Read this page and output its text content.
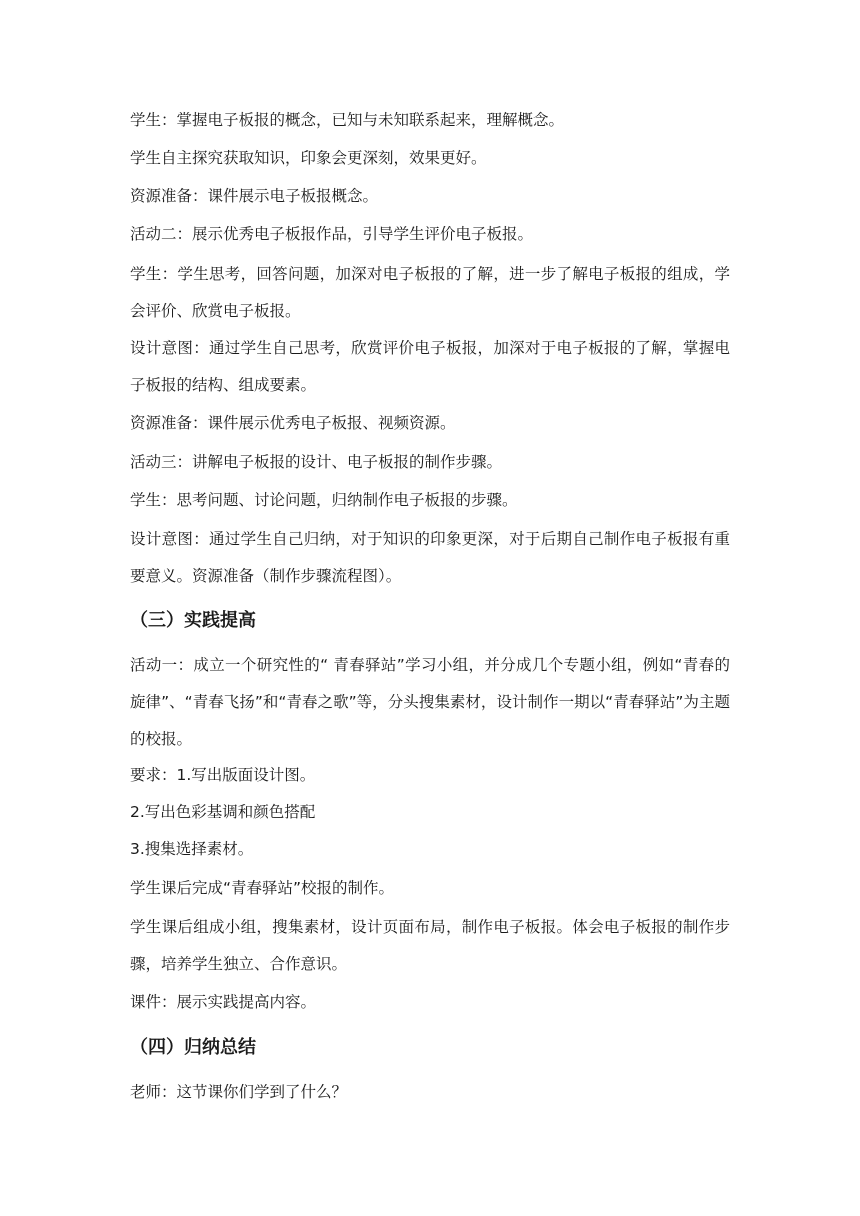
学生：掌握电子板报的概念，已知与未知联系起来，理解概念。

学生自主探究获取知识，印象会更深刻，效果更好。

资源准备：课件展示电子板报概念。

活动二：展示优秀电子板报作品，引导学生评价电子板报。

学生：学生思考，回答问题，加深对电子板报的了解，进一步了解电子板报的组成，学会评价、欣赏电子板报。

设计意图：通过学生自己思考，欣赏评价电子板报，加深对于电子板报的了解，掌握电子板报的结构、组成要素。

资源准备：课件展示优秀电子板报、视频资源。

活动三：讲解电子板报的设计、电子板报的制作步骤。

学生：思考问题、讨论问题，归纳制作电子板报的步骤。

设计意图：通过学生自己归纳，对于知识的印象更深，对于后期自己制作电子板报有重要意义。资源准备（制作步骤流程图）。

（三）实践提高

活动一：成立一个研究性的“ 青春驿站”学习小组，并分成几个专题小组，例如“青春的旋律”、“青春飞扬”和“青春之歌”等，分头搜集素材，设计制作一期以“青春驿站”为主题的校报。

要求：1.写出版面设计图。

2.写出色彩基调和颜色搭配

3.搜集选择素材。

学生课后完成“青春驿站”校报的制作。

学生课后组成小组，搜集素材，设计页面布局，制作电子板报。体会电子板报的制作步骤，培养学生独立、合作意识。

课件：展示实践提高内容。

（四）归纳总结

老师：这节课你们学到了什么？
